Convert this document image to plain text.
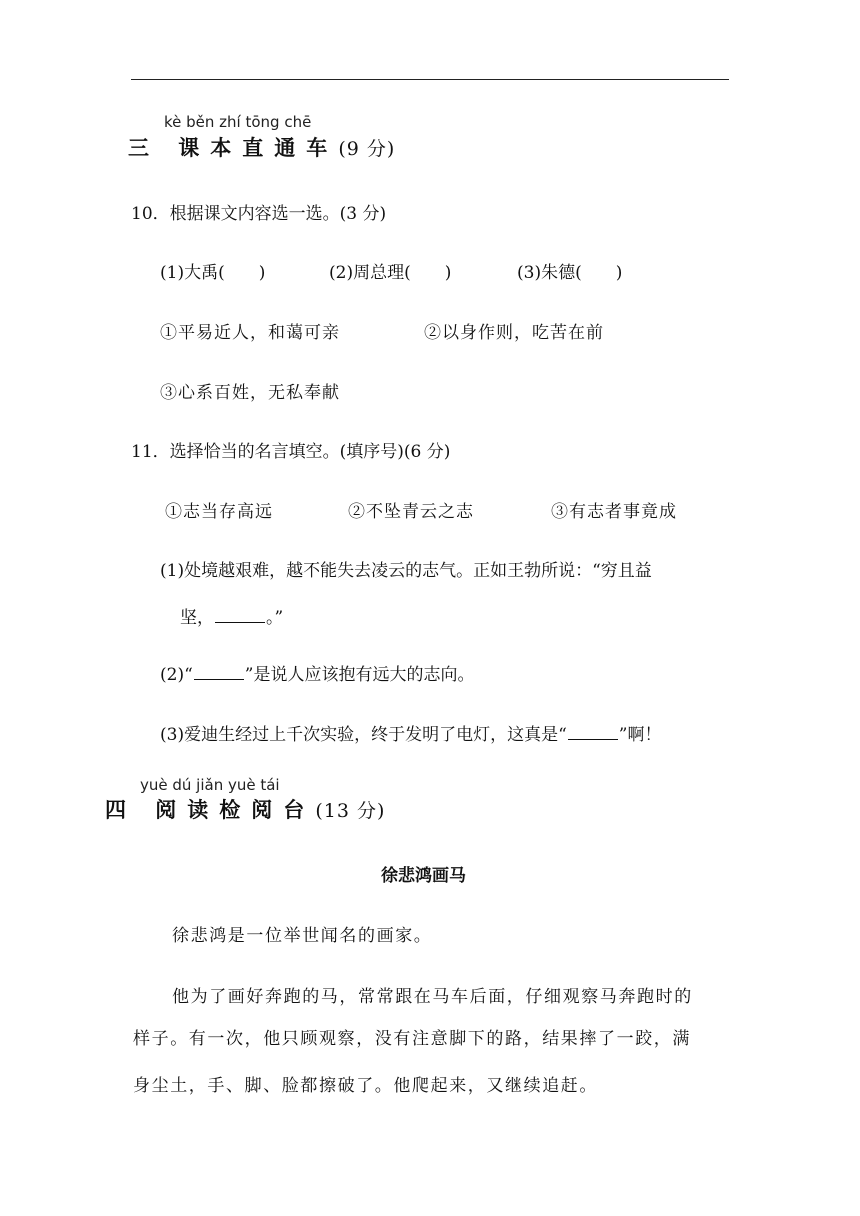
kè běn zhí tōng chē
三 课本直通车(9 分)
10．根据课文内容选一选。(3 分)
(1)大禹(　　)	(2)周总理(　　)	(3)朱德(　　)
①平易近人，和蔼可亲	②以身作则，吃苦在前
③心系百姓，无私奉献
11．选择恰当的名言填空。(填序号)(6 分)
①志当存高远	②不坠青云之志	③有志者事竟成
(1)处境越艰难，越不能失去凌云的志气。正如王勃所说：“穷且益
坚，	。”
(2)“	”是说人应该抱有远大的志向。
(3)爱迪生经过上千次实验，终于发明了电灯，这真是“	”啊！
yuè dú jiǎn yuè tái
四 阅读检阅台(13 分)
徐悲鸿画马
徐悲鸿是一位举世闻名的画家。
他为了画好奔跑的马，常常跟在马车后面，仔细观察马奔跑时的
样子。有一次，他只顾观察，没有注意脚下的路，结果摔了一跤，满
身尘土，手、脚、脸都擦破了。他爬起来，又继续追赶。
